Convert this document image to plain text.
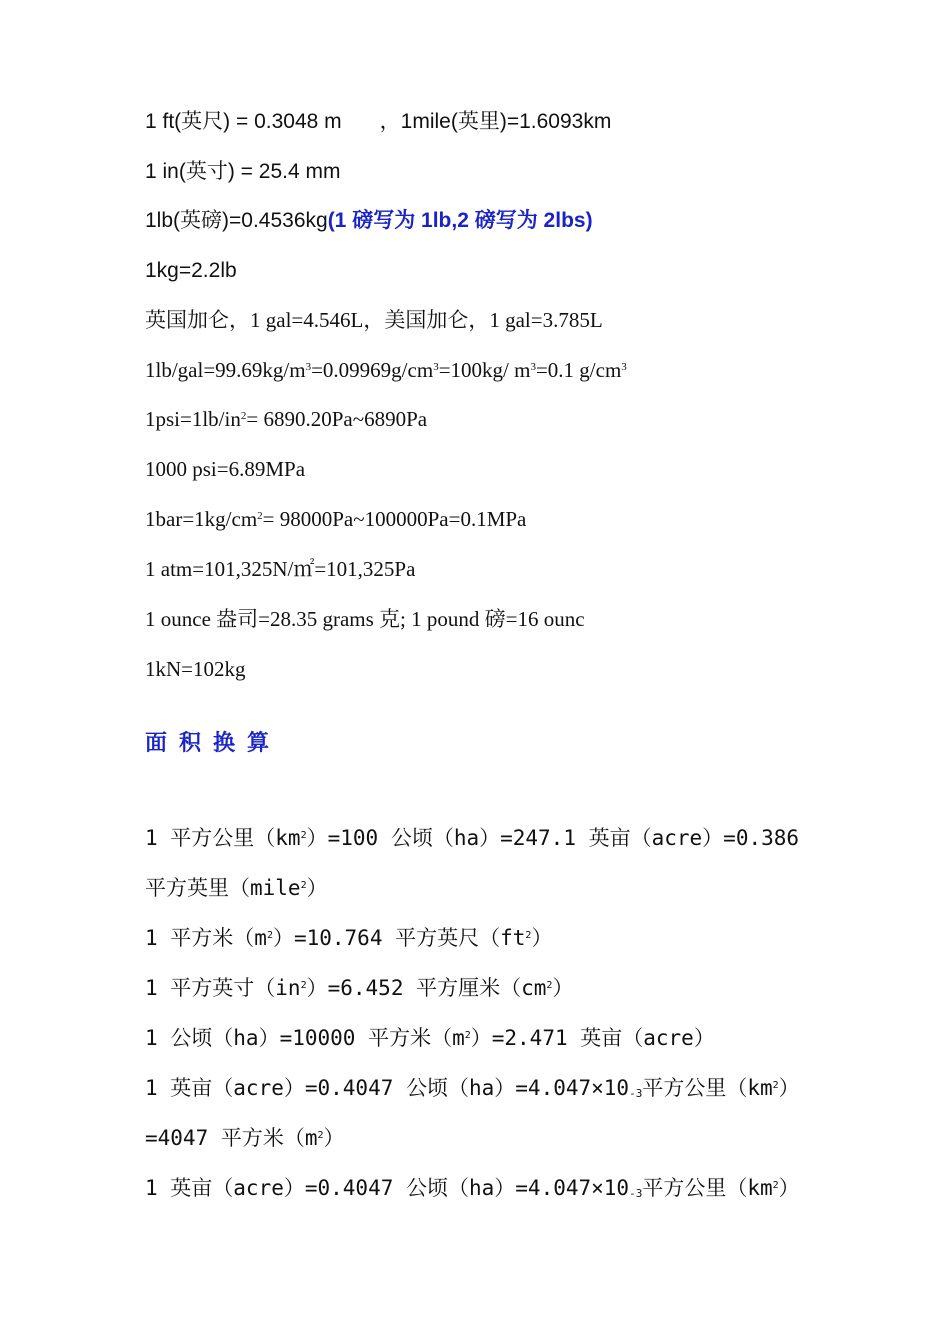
1 ft(英尺) = 0.3048 m ，1mile(英里)=1.6093km
1 in(英寸) = 25.4 mm
1lb(英磅)=0.4536kg(1 磅写为 1lb,2 磅写为 2lbs)
1kg=2.2lb
英国加仑，1 gal=4.546L，美国加仑，1 gal=3.785L
$1lb/gal=99.69kg/m^3=0.09969g/cm^3=100kg/$ $m^3=0.1$ $g/cm^3$
$1psi=1lb/in^2=$ 6890.20Pa~6890Pa
1000 psi=6.89MPa
$1bar=1kg/cm^2=$ 98000Pa~100000Pa=0.1MPa
1 atm=101,325N/㎡=101,325Pa
1 ounce 盎司=28.35 grams 克; 1 pound 磅=16 ounc
1kN=102kg
面积换算
1 平方公里$(km^2)=100$ 公顷（ha）=247.1 英亩（acre）=0.386
平方英里（mile$^2$）
1 平方米$(m^2)=10.764$ 平方英尺$(ft^2)$
1 平方英寸$(in^2)=6.452$ 平方厘米$(cm^2)$
1 公顷（ha）=10000 平方米$(m^2)=2.471$ 英亩（acre）
1 英亩（acre）=0.4047 公顷$(ha)=4.047\times 10_{-3}$平方公里$(km^2)$
=4047 平方米$(m^2)$
1 英亩（acre）=0.4047 公顷$(ha)=4.047\times 10_{-3}$平方公里$(km^2)$
